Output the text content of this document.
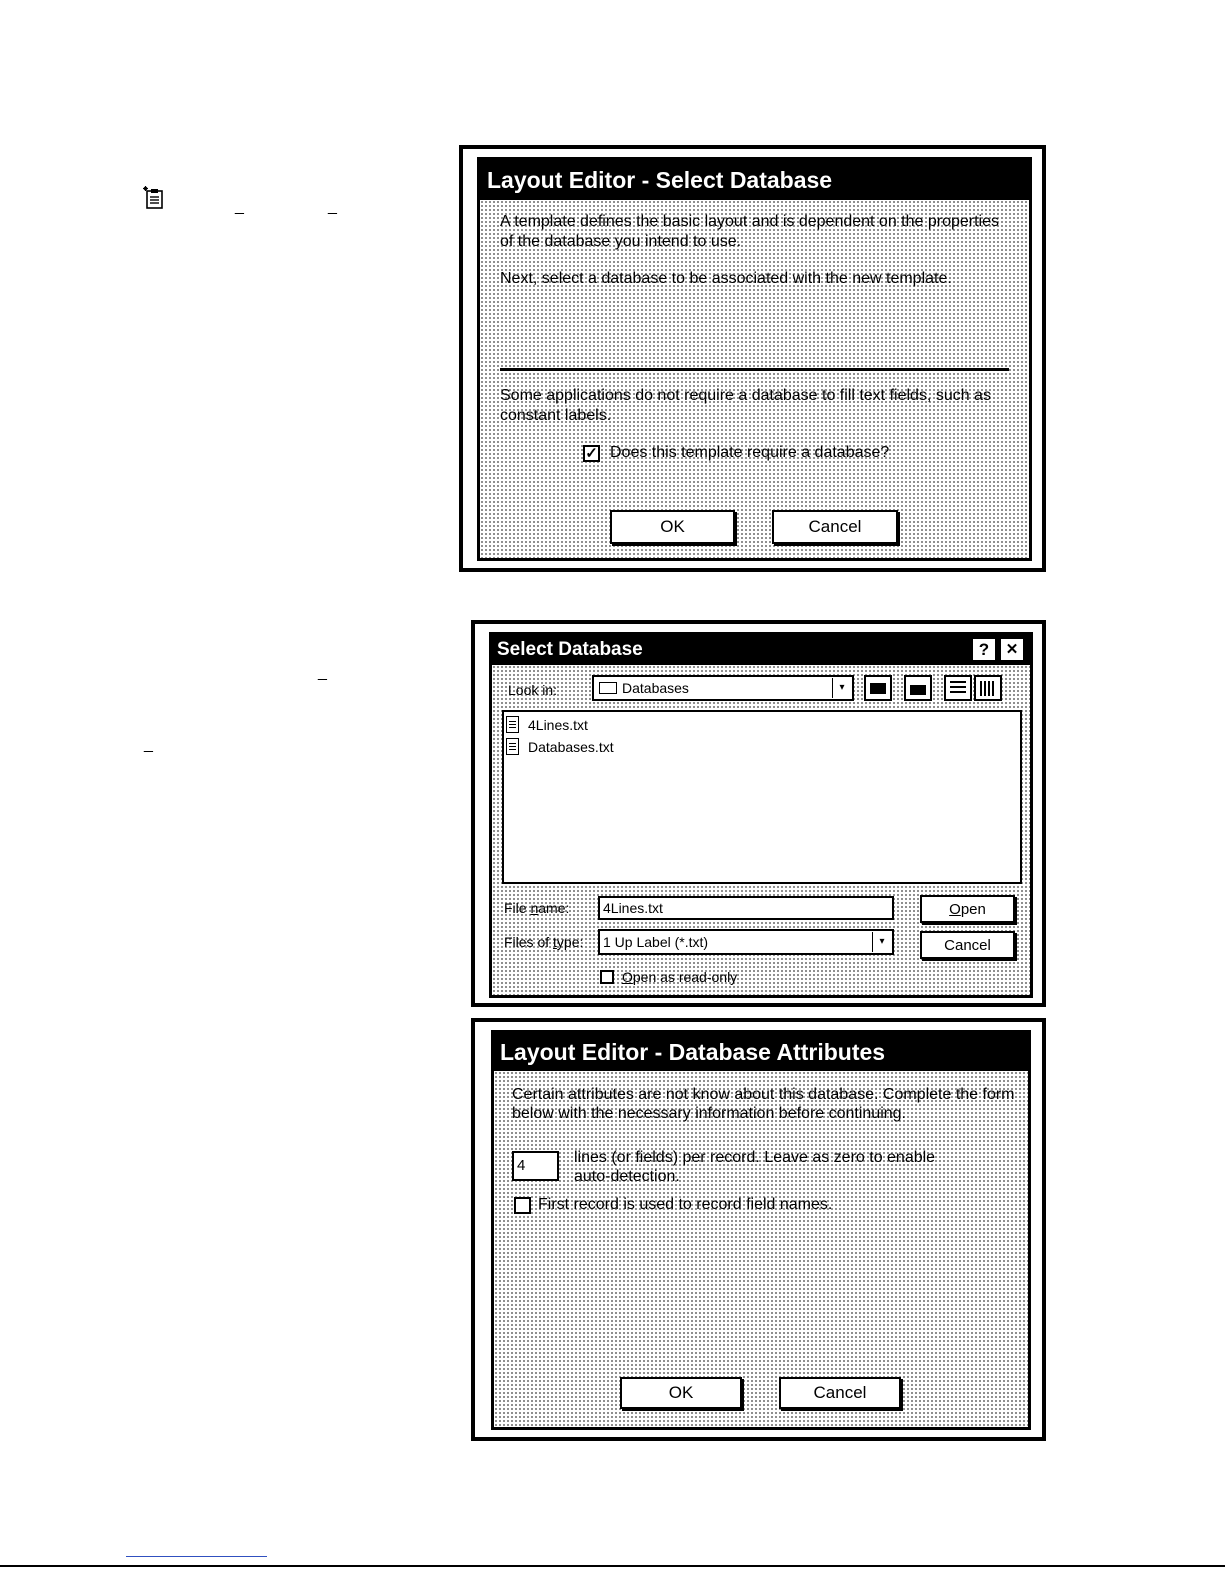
_	_
_
_
Layout Editor - Select Database
A template defines the basic layout and is dependent on the properties
of the database you intend to use.
Next, select a database to be associated with the new template.
Some applications do not require a database to fill text fields, such as
constant labels.
✓ Does this template require a database?
OK	Cancel
Select Database	?	✕
Look in:	Databases	▾
4Lines.txt
Databases.txt
File name:	4Lines.txt	Open
Files of type:	1 Up Label (*.txt)	▾	Cancel
Open as read-only
Layout Editor - Database Attributes
Certain attributes are not know about this database. Complete the form
below with the necessary information before continuing.
4	lines (or fields) per record. Leave as zero to enable
auto-detection.
First record is used to record field names.
OK	Cancel
